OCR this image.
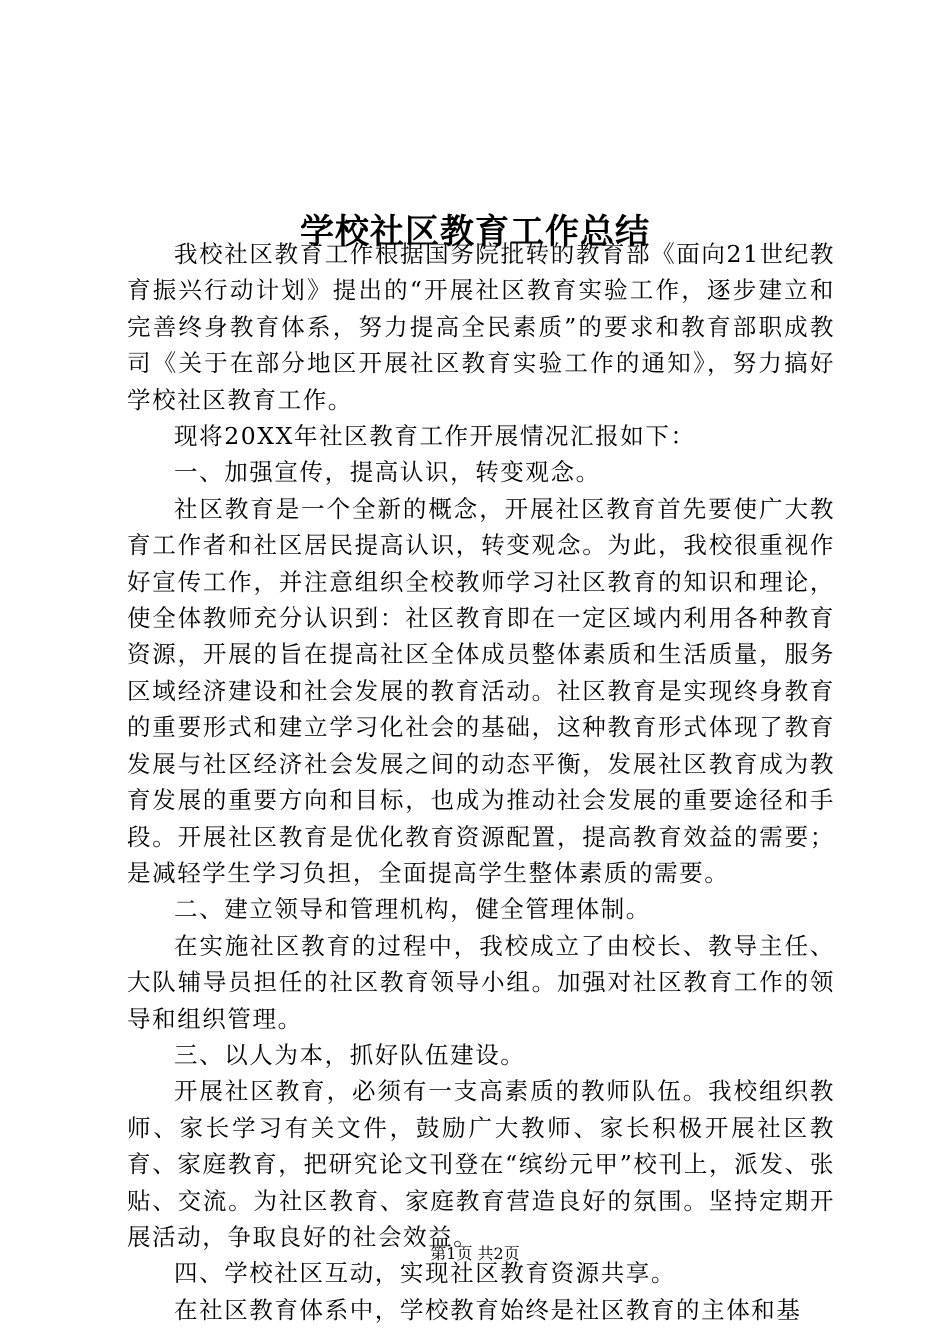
学校社区教育工作总结

我校社区教育工作根据国务院批转的教育部《面向21世纪教育振兴行动计划》提出的“开展社区教育实验工作，逐步建立和完善终身教育体系，努力提高全民素质”的要求和教育部职成教司《关于在部分地区开展社区教育实验工作的通知》，努力搞好学校社区教育工作。

现将20XX年社区教育工作开展情况汇报如下：

一、加强宣传，提高认识，转变观念。

社区教育是一个全新的概念，开展社区教育首先要使广大教育工作者和社区居民提高认识，转变观念。为此，我校很重视作好宣传工作，并注意组织全校教师学习社区教育的知识和理论，使全体教师充分认识到：社区教育即在一定区域内利用各种教育资源，开展的旨在提高社区全体成员整体素质和生活质量，服务区域经济建设和社会发展的教育活动。社区教育是实现终身教育的重要形式和建立学习化社会的基础，这种教育形式体现了教育发展与社区经济社会发展之间的动态平衡，发展社区教育成为教育发展的重要方向和目标，也成为推动社会发展的重要途径和手段。开展社区教育是优化教育资源配置，提高教育效益的需要；是减轻学生学习负担，全面提高学生整体素质的需要。

二、建立领导和管理机构，健全管理体制。

在实施社区教育的过程中，我校成立了由校长、教导主任、大队辅导员担任的社区教育领导小组。加强对社区教育工作的领导和组织管理。

三、以人为本，抓好队伍建设。

开展社区教育，必须有一支高素质的教师队伍。我校组织教师、家长学习有关文件，鼓励广大教师、家长积极开展社区教育、家庭教育，把研究论文刊登在“缤纷元甲”校刊上，派发、张贴、交流。为社区教育、家庭教育营造良好的氛围。坚持定期开展活动，争取良好的社会效益。

四、学校社区互动，实现社区教育资源共享。

在社区教育体系中，学校教育始终是社区教育的主体和基

第1页 共2页
